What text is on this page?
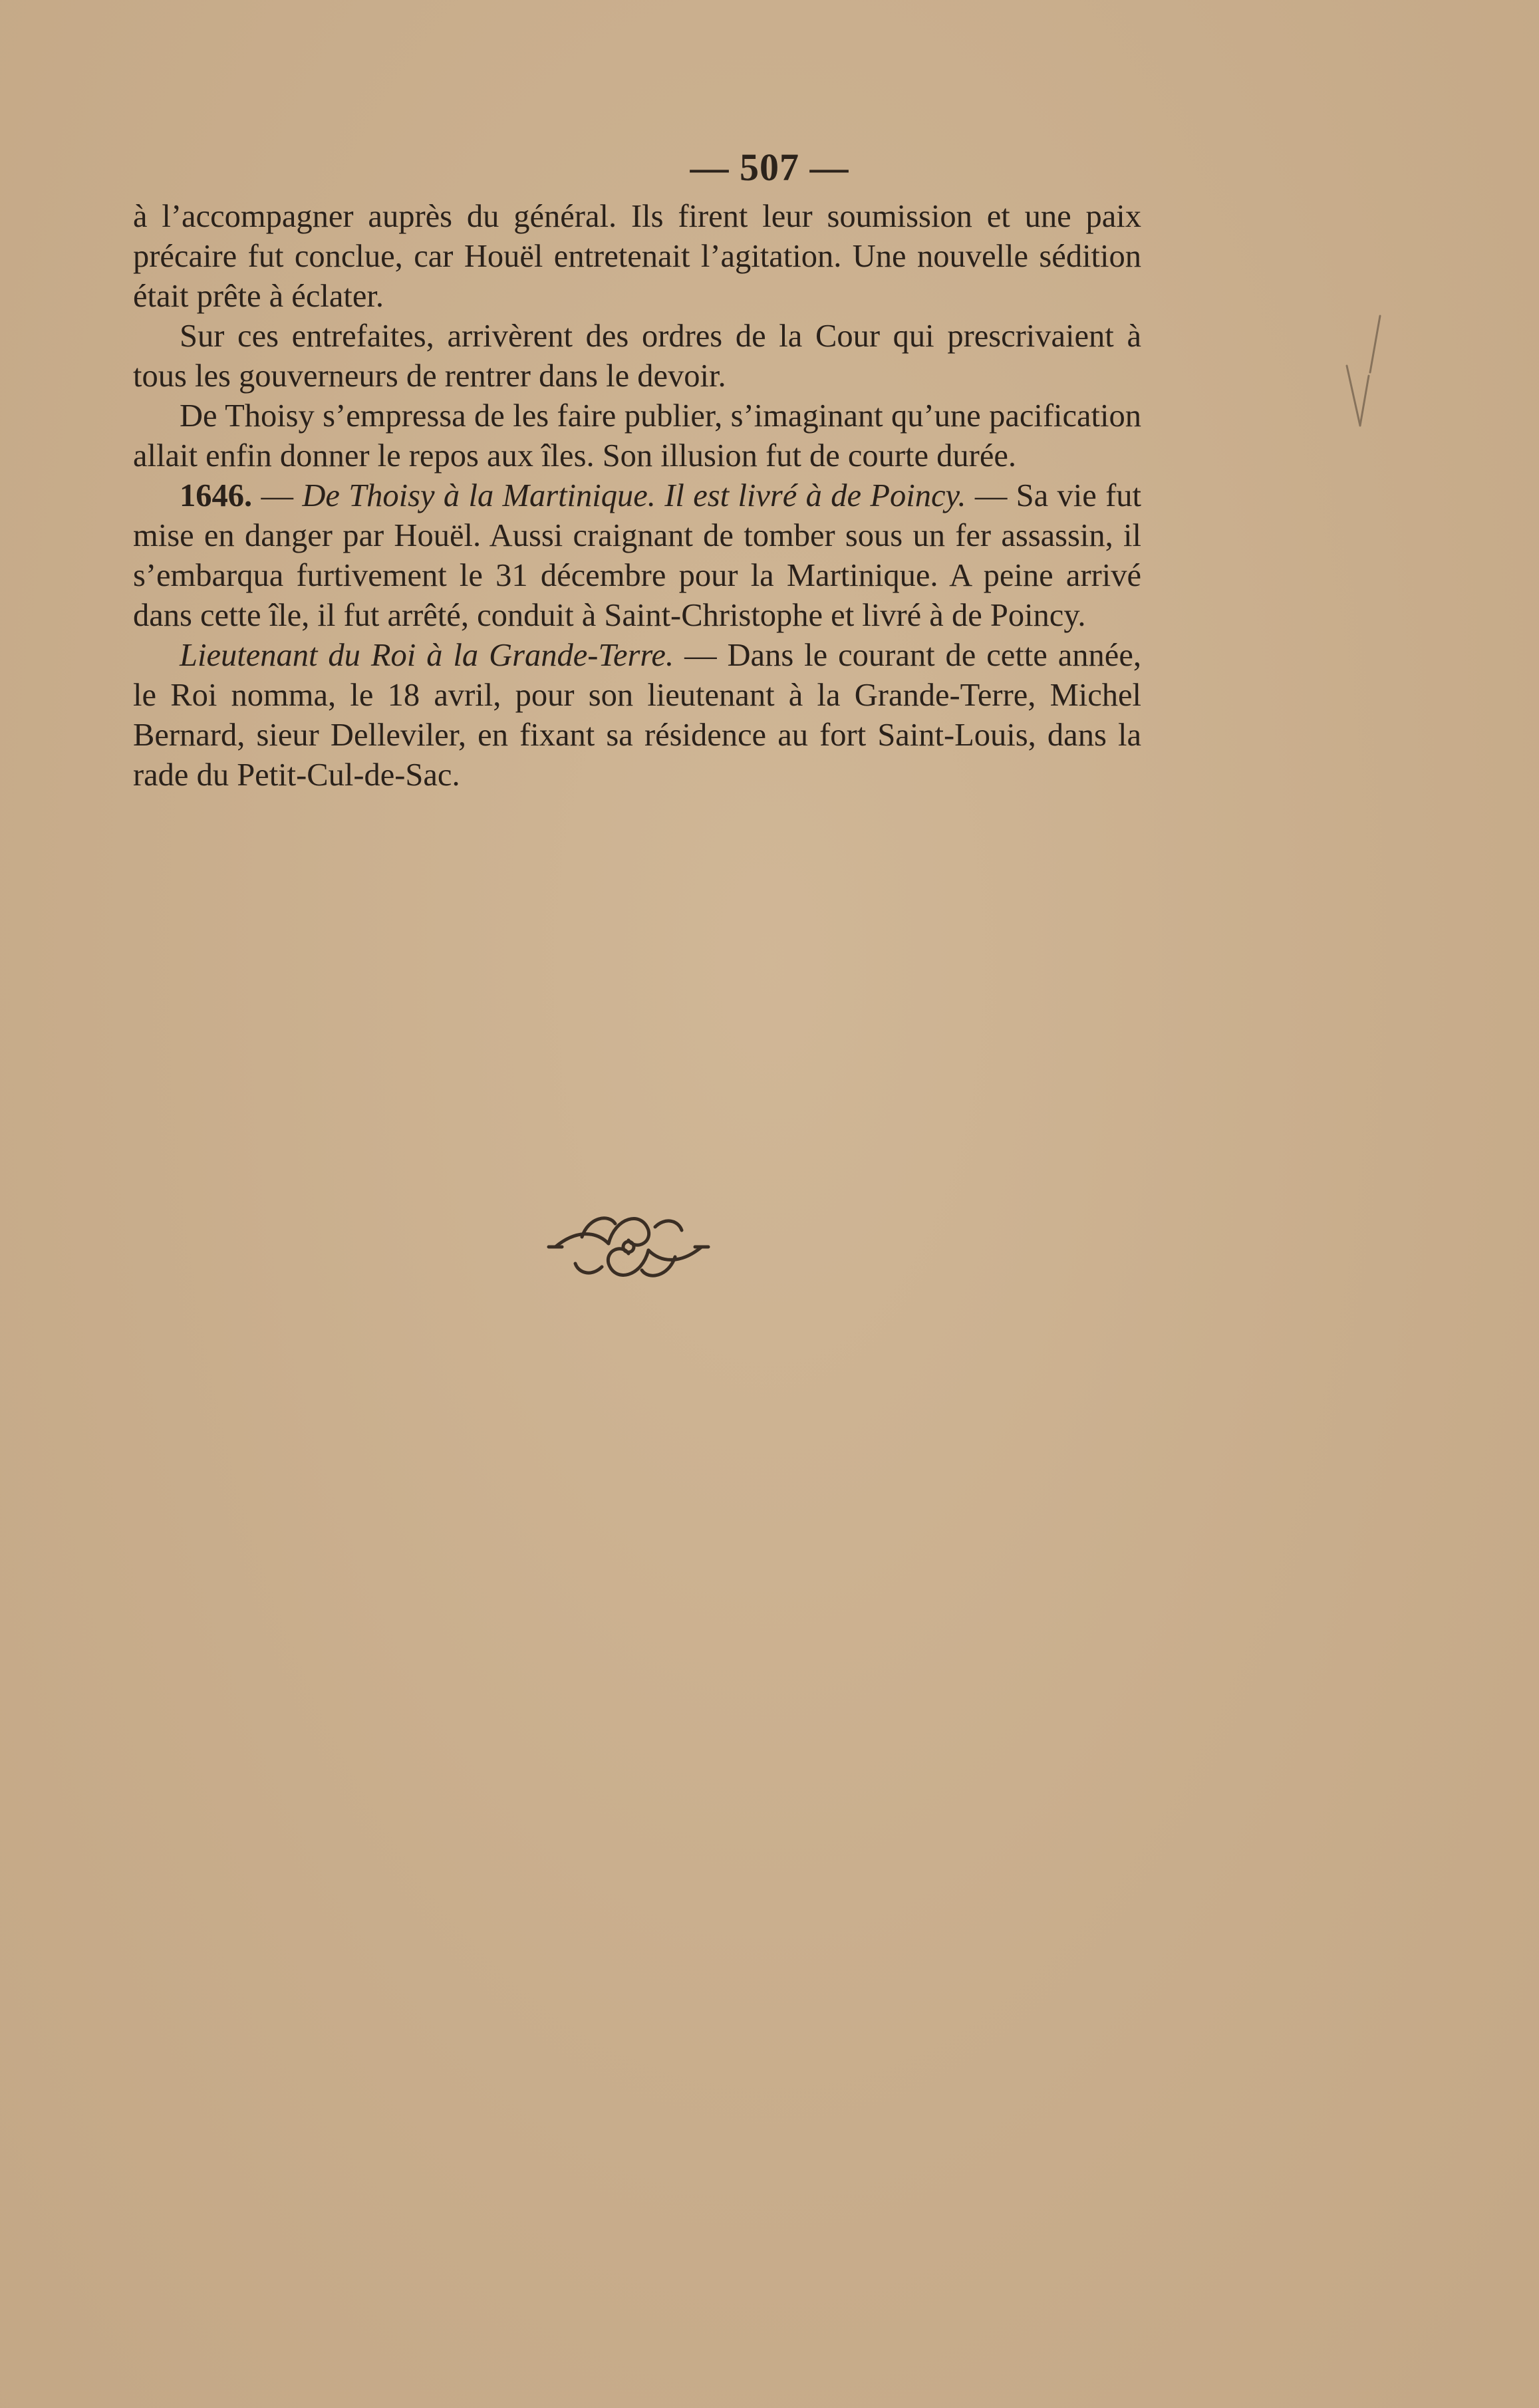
— 507 —

à l’accompagner auprès du général. Ils firent leur soumission et une paix précaire fut conclue, car Houël entretenait l’agitation. Une nouvelle sédition était prête à éclater.

Sur ces entrefaites, arrivèrent des ordres de la Cour qui prescrivaient à tous les gouverneurs de rentrer dans le devoir.

De Thoisy s’empressa de les faire publier, s’imaginant qu’une pacification allait enfin donner le repos aux îles. Son illusion fut de courte durée.

1646. — De Thoisy à la Martinique. Il est livré à de Poincy. — Sa vie fut mise en danger par Houël. Aussi craignant de tomber sous un fer assassin, il s’embarqua furtivement le 31 décembre pour la Martinique. A peine arrivé dans cette île, il fut arrêté, conduit à Saint-Christophe et livré à de Poincy.

Lieutenant du Roi à la Grande-Terre. — Dans le courant de cette année, le Roi nomma, le 18 avril, pour son lieutenant à la Grande-Terre, Michel Bernard, sieur Delleviler, en fixant sa résidence au fort Saint-Louis, dans la rade du Petit-Cul-de-Sac.
